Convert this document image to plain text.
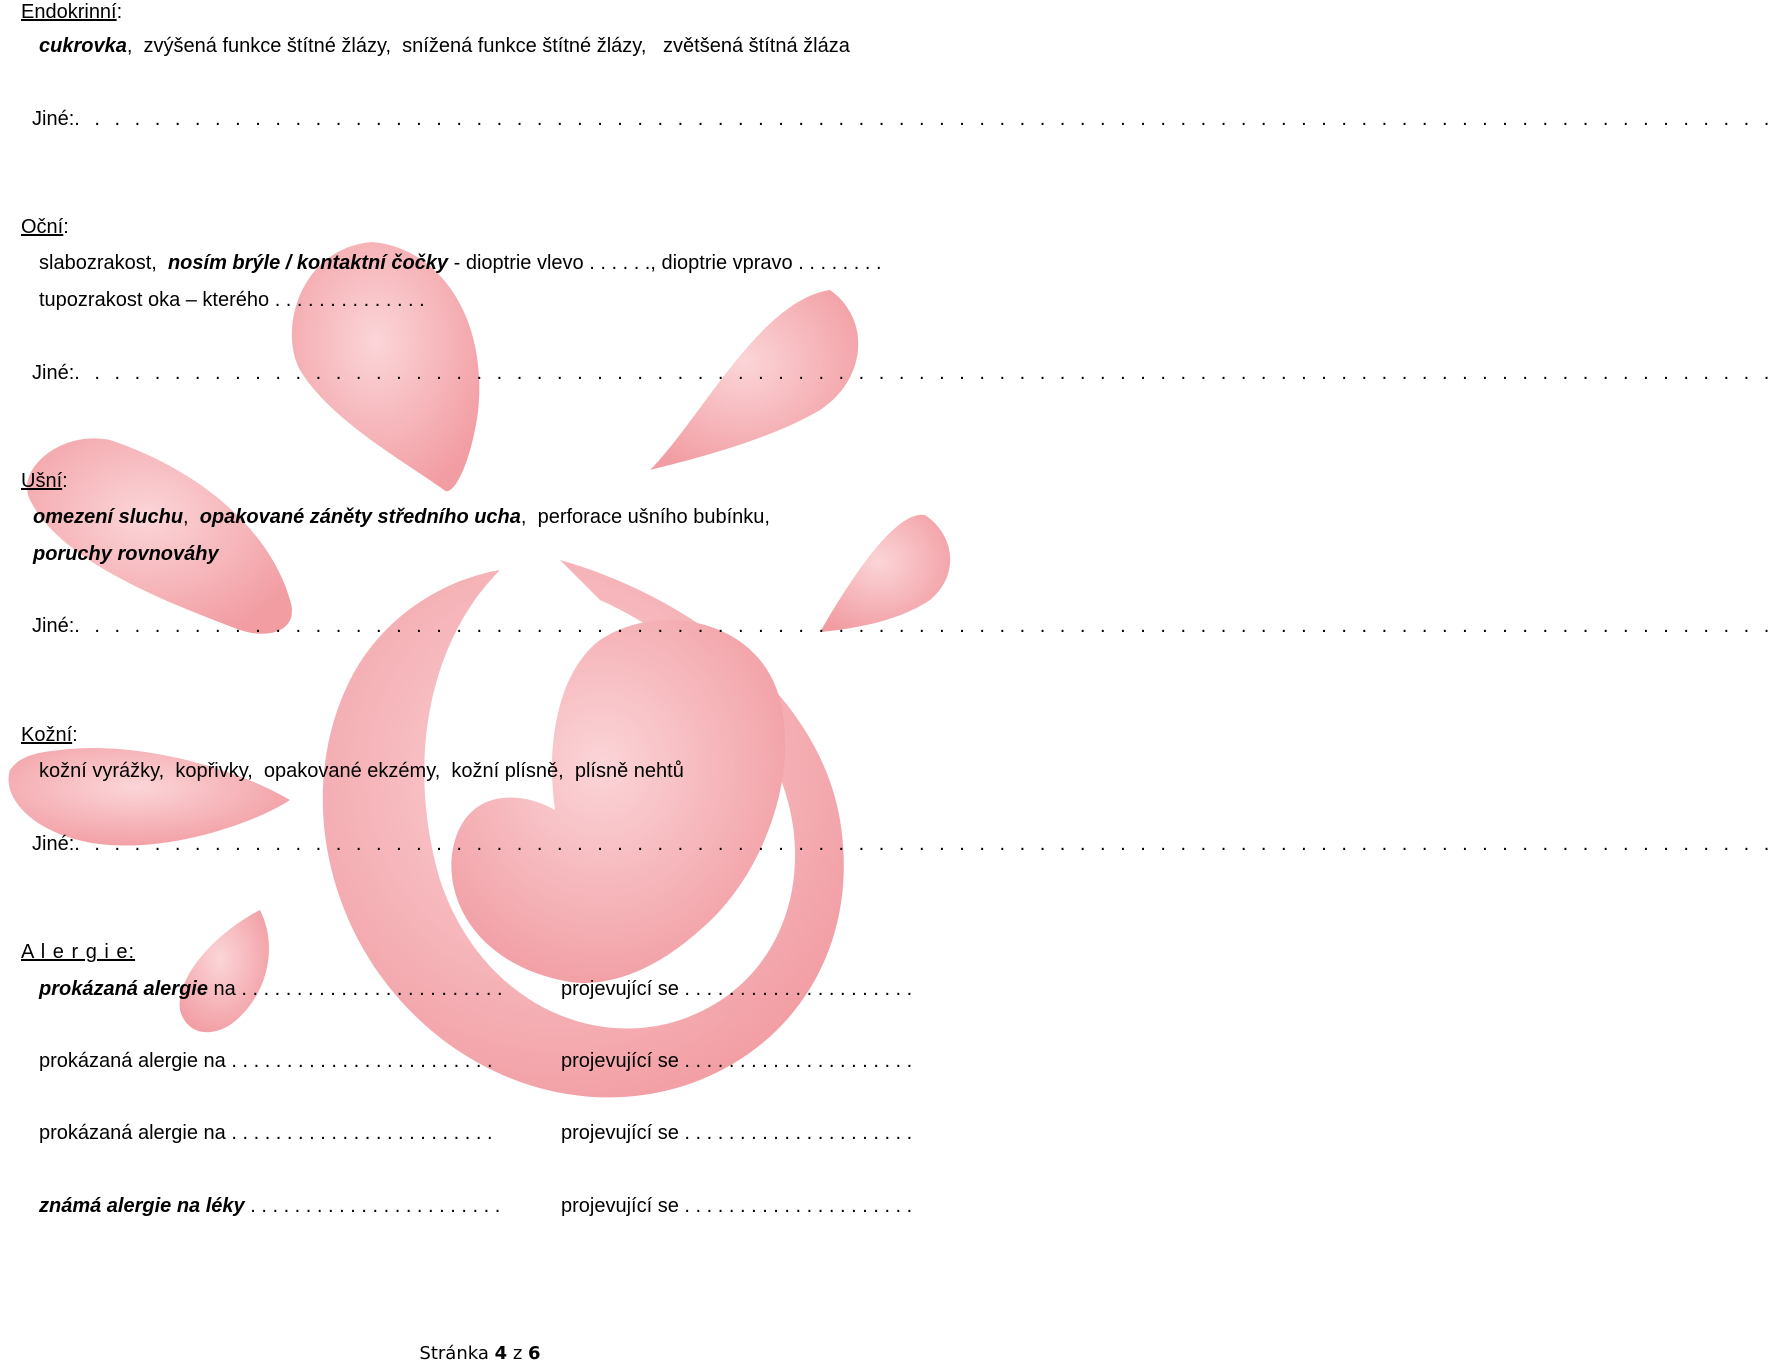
Endokrinní:
cukrovka,  zvýšená funkce štítné žlázy,  snížená funkce štítné žlázy,   zvětšená štítná žláza
Jiné:. . . . . . . . . . . . . . . . . . . . . . . . . . . . . . . . . . . . . . . . . . . . . . . . . . . . . . . . . . . . . . . . . . . . . . . . . . . . . . . . . . . . .
Oční:
slabozrakost, nosím brýle / kontaktní čočky - dioptrie vlevo . . . . . ., dioptrie vpravo . . . . . . . .
tupozrakost oka – kterého . . . . . . . . . . . . . .
Jiné:. . . . . . . . . . . . . . . . . . . . . . . . . . . . . . . . . . . . . . . . . . . . . . . . . . . . . . . . . . . . . . . . . . . . . . . . . . . . . . . . . . . . .
Ušní:
omezení sluchu,  opakované záněty středního ucha,  perforace ušního bubínku,
poruchy rovnováhy
Jiné:. . . . . . . . . . . . . . . . . . . . . . . . . . . . . . . . . . . . . . . . . . . . . . . . . . . . . . . . . . . . . . . . . . . . . . . . . . . . . . . . . . . . .
Kožní:
kožní vyrážky, kopřivky, opakované ekzémy, kožní plísně, plísně nehtů
Jiné:. . . . . . . . . . . . . . . . . . . . . . . . . . . . . . . . . . . . . . . . . . . . . . . . . . . . . . . . . . . . . . . . . . . . . . . . . . . . . . . . . . . . .
A l e r g i e:
prokázaná alergie na . . . . . . . . . . . . . . . . . . . . . . . .	projevující se . . . . . . . . . . . . . . . . . . . . .
prokázaná alergie na . . . . . . . . . . . . . . . . . . . . . . . .	projevující se . . . . . . . . . . . . . . . . . . . . .
prokázaná alergie na . . . . . . . . . . . . . . . . . . . . . . . .	projevující se . . . . . . . . . . . . . . . . . . . . .
známá alergie na léky . . . . . . . . . . . . . . . . . . . . . . .	projevující se . . . . . . . . . . . . . . . . . . . . .
Stránka 4 z 6
